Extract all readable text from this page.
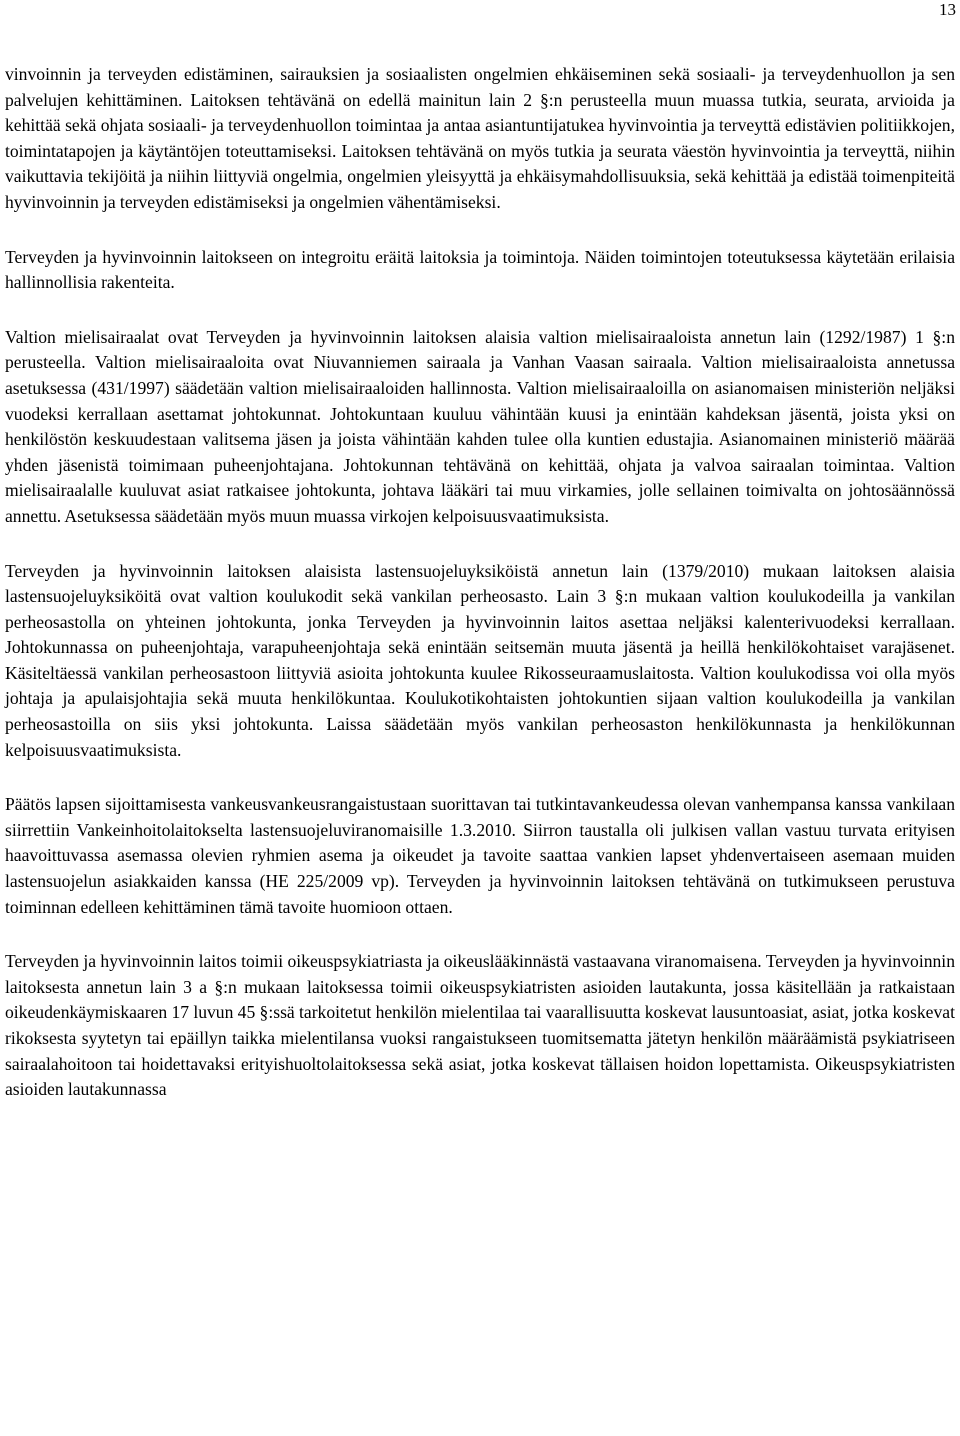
13

vinvoinnin ja terveyden edistäminen, sairauksien ja sosiaalisten ongelmien ehkäiseminen sekä sosiaali- ja terveydenhuollon ja sen palvelujen kehittäminen. Laitoksen tehtävänä on edellä mainitun lain 2 §:n perusteella muun muassa tutkia, seurata, arvioida ja kehittää sekä ohjata sosiaali- ja terveydenhuollon toimintaa ja antaa asiantuntijatukea hyvinvointia ja terveyttä edistävien politiikkojen, toimintatapojen ja käytäntöjen toteuttamiseksi. Laitoksen tehtävänä on myös tutkia ja seurata väestön hyvinvointia ja terveyttä, niihin vaikuttavia tekijöitä ja niihin liittyviä ongelmia, ongelmien yleisyyttä ja ehkäisymahdollisuuksia, sekä kehittää ja edistää toimenpiteitä hyvinvoinnin ja terveyden edistämiseksi ja ongelmien vähentämiseksi.

Terveyden ja hyvinvoinnin laitokseen on integroitu eräitä laitoksia ja toimintoja. Näiden toimintojen toteutuksessa käytetään erilaisia hallinnollisia rakenteita.

Valtion mielisairaalat ovat Terveyden ja hyvinvoinnin laitoksen alaisia valtion mielisairaaloista annetun lain (1292/1987) 1 §:n perusteella. Valtion mielisairaaloita ovat Niuvanniemen sairaala ja Vanhan Vaasan sairaala. Valtion mielisairaaloista annetussa asetuksessa (431/1997) säädetään valtion mielisairaaloiden hallinnosta. Valtion mielisairaaloilla on asianomaisen ministeriön neljäksi vuodeksi kerrallaan asettamat johtokunnat. Johtokuntaan kuuluu vähintään kuusi ja enintään kahdeksan jäsentä, joista yksi on henkilöstön keskuudestaan valitsema jäsen ja joista vähintään kahden tulee olla kuntien edustajia. Asianomainen ministeriö määrää yhden jäsenistä toimimaan puheenjohtajana. Johtokunnan tehtävänä on kehittää, ohjata ja valvoa sairaalan toimintaa. Valtion mielisairaalalle kuuluvat asiat ratkaisee johtokunta, johtava lääkäri tai muu virkamies, jolle sellainen toimivalta on johtosäännössä annettu. Asetuksessa säädetään myös muun muassa virkojen kelpoisuusvaatimuksista.

Terveyden ja hyvinvoinnin laitoksen alaisista lastensuojeluyksiköistä annetun lain (1379/2010) mukaan laitoksen alaisia lastensuojeluyksiköitä ovat valtion koulukodit sekä vankilan perheosasto. Lain 3 §:n mukaan valtion koulukodeilla ja vankilan perheosastolla on yhteinen johtokunta, jonka Terveyden ja hyvinvoinnin laitos asettaa neljäksi kalenterivuodeksi kerrallaan. Johtokunnassa on puheenjohtaja, varapuheenjohtaja sekä enintään seitsemän muuta jäsentä ja heillä henkilökohtaiset varajäsenet. Käsiteltäessä vankilan perheosastoon liittyviä asioita johtokunta kuulee Rikosseuraamuslaitosta. Valtion koulukodissa voi olla myös johtaja ja apulaisjohtajia sekä muuta henkilökuntaa. Koulukotikohtaisten johtokuntien sijaan valtion koulukodeilla ja vankilan perheosastoilla on siis yksi johtokunta. Laissa säädetään myös vankilan perheosaston henkilökunnasta ja henkilökunnan kelpoisuusvaatimuksista.

Päätös lapsen sijoittamisesta vankeusvankeusrangaistustaan suorittavan tai tutkintavankeudessa olevan vanhempansa kanssa vankilaan siirrettiin Vankeinhoitolaitokselta lastensuojeluviranomaisille 1.3.2010. Siirron taustalla oli julkisen vallan vastuu turvata erityisen haavoittuvassa asemassa olevien ryhmien asema ja oikeudet ja tavoite saattaa vankien lapset yhdenvertaiseen asemaan muiden lastensuojelun asiakkaiden kanssa (HE 225/2009 vp). Terveyden ja hyvinvoinnin laitoksen tehtävänä on tutkimukseen perustuva toiminnan edelleen kehittäminen tämä tavoite huomioon ottaen.

Terveyden ja hyvinvoinnin laitos toimii oikeuspsykiatriasta ja oikeuslääkinnästä vastaavana viranomaisena. Terveyden ja hyvinvoinnin laitoksesta annetun lain 3 a §:n mukaan laitoksessa toimii oikeuspsykiatristen asioiden lautakunta, jossa käsitellään ja ratkaistaan oikeudenkäymiskaaren 17 luvun 45 §:ssä tarkoitetut henkilön mielentilaa tai vaarallisuutta koskevat lausuntoasiat, asiat, jotka koskevat rikoksesta syytetyn tai epäillyn taikka mielentilansa vuoksi rangaistukseen tuomitsematta jätetyn henkilön määräämistä psykiatriseen sairaalahoitoon tai hoidettavaksi erityishuoltolaitoksessa sekä asiat, jotka koskevat tällaisen hoidon lopettamista. Oikeuspsykiatristen asioiden lautakunnassa
